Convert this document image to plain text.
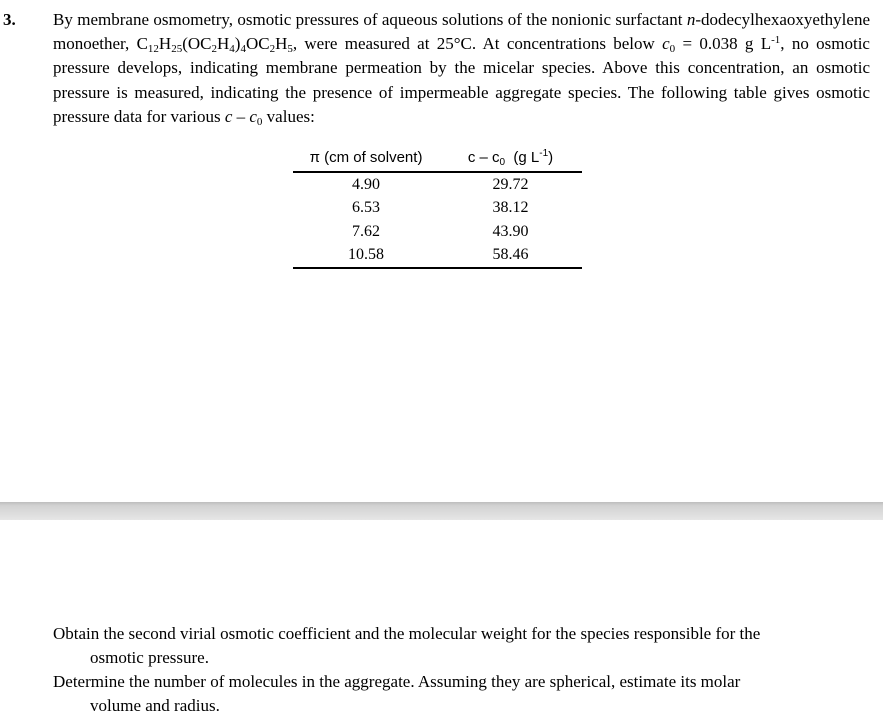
3. By membrane osmometry, osmotic pressures of aqueous solutions of the nonionic surfactant n-dodecylhexaoxyethylene monoether, $C_{12}H_{25}(OC_2H_4)_4OC_2H_5$, were measured at 25°C. At concentrations below $c_0 = 0.038$ g $L^{-1}$, no osmotic pressure develops, indicating membrane permeation by the micelar species. Above this concentration, an osmotic pressure is measured, indicating the presence of impermeable aggregate species. The following table gives osmotic pressure data for various c – $c_0$ values:
π (cm of solvent)	c – $c_0$  (g $L^{-1}$)
4.90	29.72
6.53	38.12
7.62	43.90
10.58	58.46
Obtain the second virial osmotic coefficient and the molecular weight for the species responsible for the
osmotic pressure.
Determine the number of molecules in the aggregate. Assuming they are spherical, estimate its molar
volume and radius.
